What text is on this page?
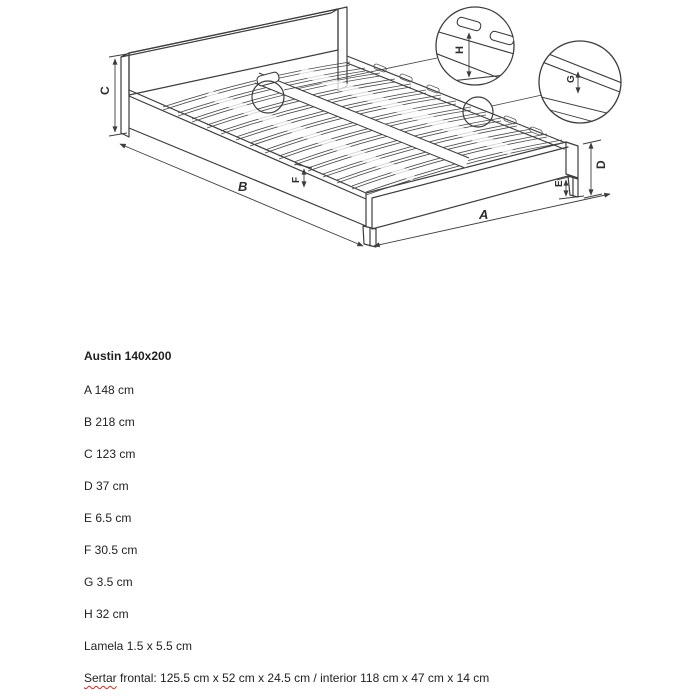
H
G
C
B	F
A
D
E

Austin 140x200

A 148 cm

B 218 cm

C 123 cm

D 37 cm

E 6.5 cm

F 30.5 cm

G 3.5 cm

H 32 cm

Lamela 1.5 x 5.5 cm

Sertar frontal: 125.5 cm x 52 cm x 24.5 cm / interior 118 cm x 47 cm x 14 cm
